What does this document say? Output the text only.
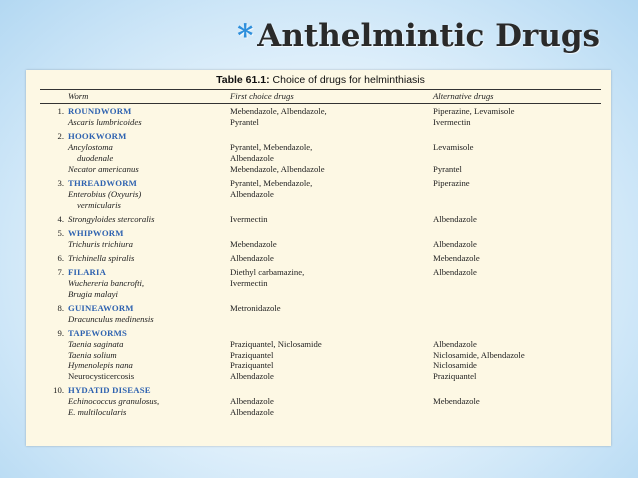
* Anthelmintic Drugs
Table 61.1: Choice of drugs for helminthiasis
Worm	First choice drugs	Alternative drugs
1. ROUNDWORM	Mebendazole, Albendazole,	Piperazine, Levamisole
Ascaris lumbricoides	Pyrantel	Ivermectin
2. HOOKWORM
Ancylostoma	Pyrantel, Mebendazole,	Levamisole
duodenale	Albendazole
Necator americanus	Mebendazole, Albendazole	Pyrantel
3. THREADWORM	Pyrantel, Mebendazole,	Piperazine
Enterobius (Oxyuris)	Albendazole
vermicularis
4. Strongyloides stercoralis	Ivermectin	Albendazole
5. WHIPWORM
Trichuris trichiura	Mebendazole	Albendazole
6. Trichinella spiralis	Albendazole	Mebendazole
7. FILARIA	Diethyl carbamazine,	Albendazole
Wuchereria bancrofti,	Ivermectin
Brugia malayi
8. GUINEAWORM	Metronidazole
Dracunculus medinensis
9. TAPEWORMS
Taenia saginata	Praziquantel, Niclosamide	Albendazole
Taenia solium	Praziquantel	Niclosamide, Albendazole
Hymenolepis nana	Praziquantel	Niclosamide
Neurocysticercosis	Albendazole	Praziquantel
10. HYDATID DISEASE
Echinococcus granulosus,	Albendazole	Mebendazole
E. multilocularis	Albendazole
